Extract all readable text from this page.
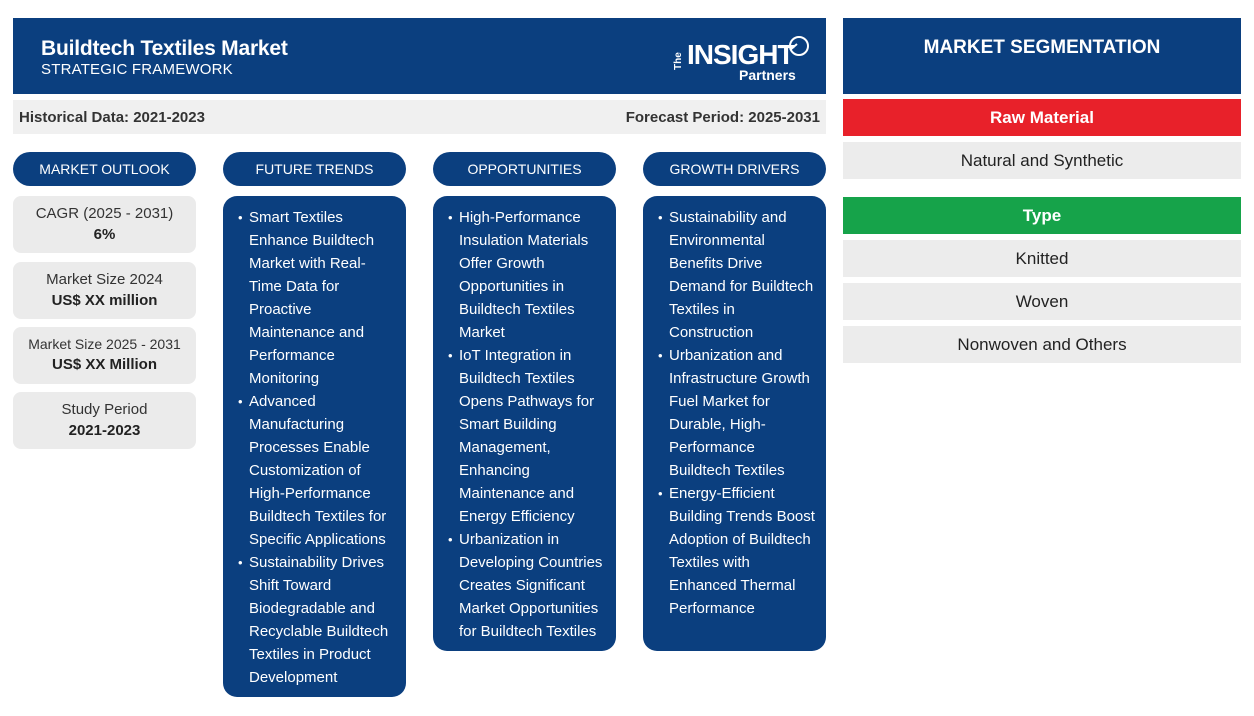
Buildtech Textiles Market
STRATEGIC FRAMEWORK	The INSIGHT
Partners
Historical Data: 2021-2023	Forecast Period: 2025-2031
MARKET OUTLOOK	FUTURE TRENDS	OPPORTUNITIES	GROWTH DRIVERS
CAGR (2025 - 2031)
6%
Market Size 2024
US$ XX million
Market Size 2025 - 2031
US$ XX Million
Study Period
2021-2023
• Smart Textiles Enhance Buildtech Market with Real-Time Data for Proactive Maintenance and Performance Monitoring
• Advanced Manufacturing Processes Enable Customization of High-Performance Buildtech Textiles for Specific Applications
• Sustainability Drives Shift Toward Biodegradable and Recyclable Buildtech Textiles in Product Development
• High-Performance Insulation Materials Offer Growth Opportunities in Buildtech Textiles Market
• IoT Integration in Buildtech Textiles Opens Pathways for Smart Building Management, Enhancing Maintenance and Energy Efficiency
• Urbanization in Developing Countries Creates Significant Market Opportunities for Buildtech Textiles
• Sustainability and Environmental Benefits Drive Demand for Buildtech Textiles in Construction
• Urbanization and Infrastructure Growth Fuel Market for Durable, High-Performance Buildtech Textiles
• Energy-Efficient Building Trends Boost Adoption of Buildtech Textiles with Enhanced Thermal Performance
MARKET SEGMENTATION
Raw Material
Natural and Synthetic
Type
Knitted
Woven
Nonwoven and Others
